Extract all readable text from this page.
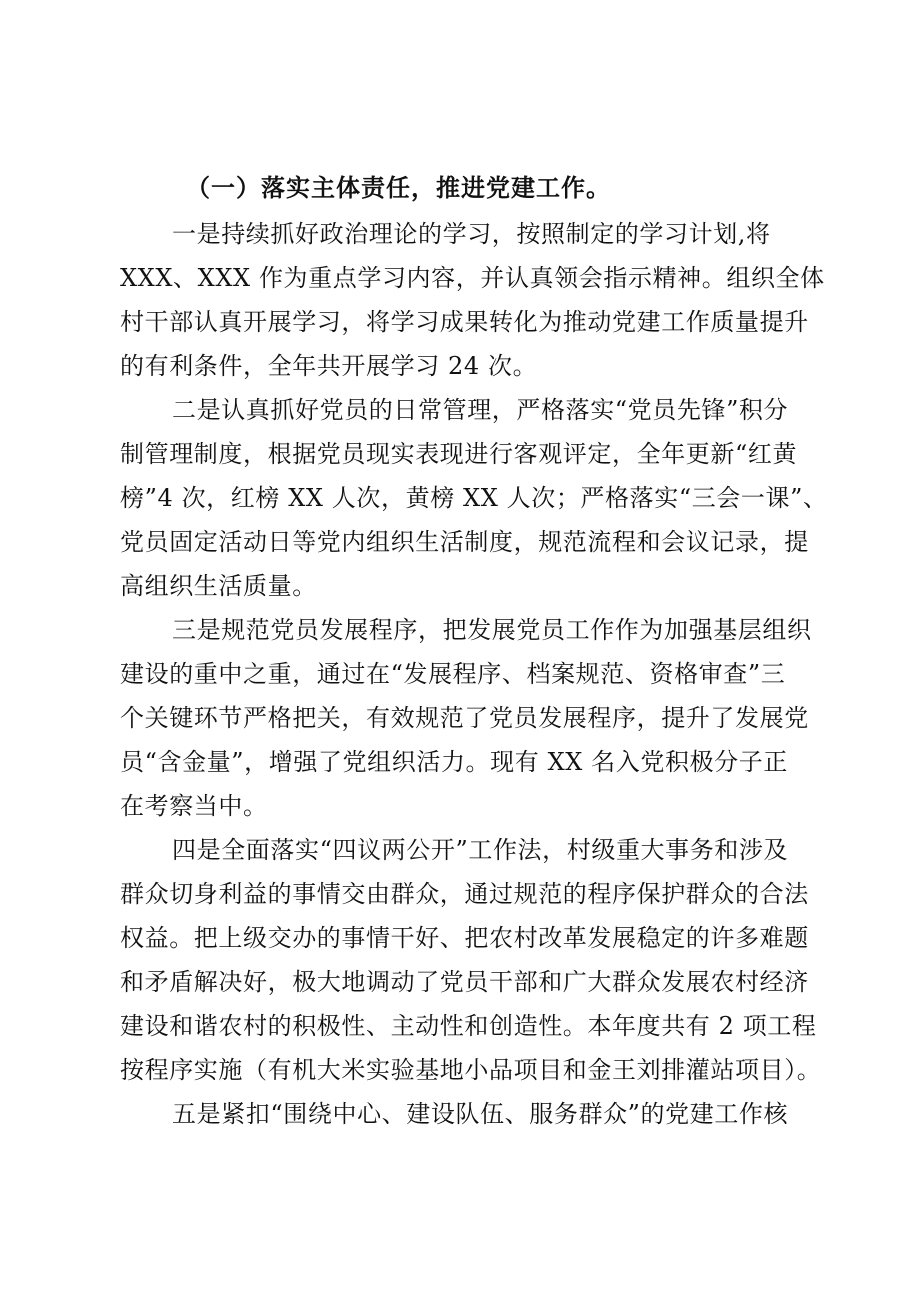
（一）落实主体责任，推进党建工作。
一是持续抓好政治理论的学习，按照制定的学习计划,将
XXX、XXX 作为重点学习内容，并认真领会指示精神。组织全体
村干部认真开展学习，将学习成果转化为推动党建工作质量提升
的有利条件，全年共开展学习 24 次。
二是认真抓好党员的日常管理，严格落实“党员先锋”积分
制管理制度，根据党员现实表现进行客观评定，全年更新“红黄
榜”4 次，红榜 XX 人次，黄榜 XX 人次；严格落实“三会一课”、
党员固定活动日等党内组织生活制度，规范流程和会议记录，提
高组织生活质量。
三是规范党员发展程序，把发展党员工作作为加强基层组织
建设的重中之重，通过在“发展程序、档案规范、资格审查”三
个关键环节严格把关，有效规范了党员发展程序，提升了发展党
员“含金量”，增强了党组织活力。现有 XX 名入党积极分子正
在考察当中。
四是全面落实“四议两公开”工作法，村级重大事务和涉及
群众切身利益的事情交由群众，通过规范的程序保护群众的合法
权益。把上级交办的事情干好、把农村改革发展稳定的许多难题
和矛盾解决好，极大地调动了党员干部和广大群众发展农村经济
建设和谐农村的积极性、主动性和创造性。本年度共有 2 项工程
按程序实施（有机大米实验基地小品项目和金王刘排灌站项目）。
五是紧扣“围绕中心、建设队伍、服务群众”的党建工作核
